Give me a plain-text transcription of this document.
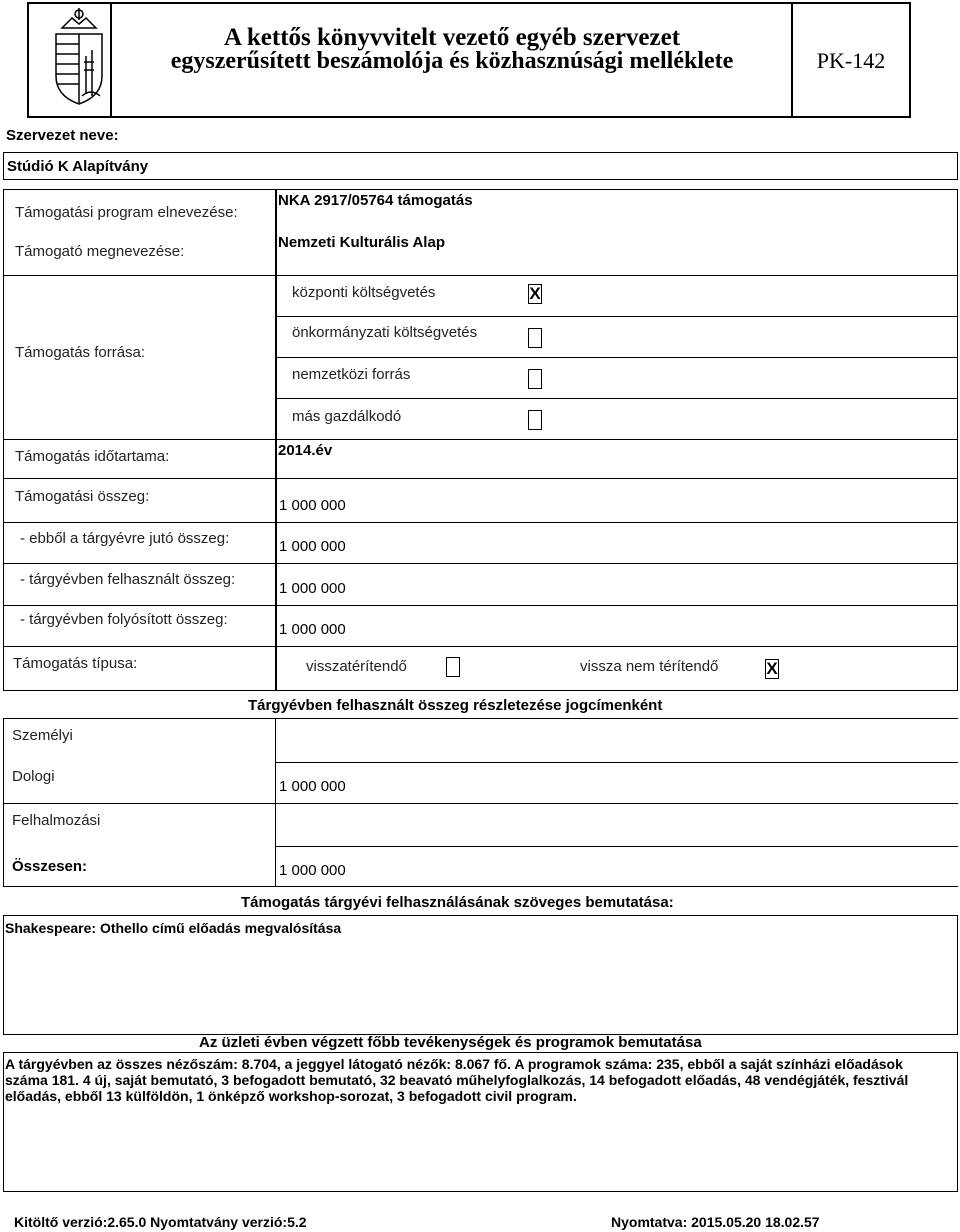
A kettős könyvvitelt vezető egyéb szervezet
egyszerűsített beszámolója és közhasznúsági melléklete	PK-142
Szervezet neve:
Stúdió K Alapítvány
Támogatási program elnevezése:
NKA 2917/05764 támogatás
Támogató megnevezése:
Nemzeti Kulturális Alap
Támogatás forrása:
központi költségvetés	X
önkormányzati költségvetés
nemzetközi forrás
más gazdálkodó
Támogatás időtartama:	2014.év
Támogatási összeg:
1 000 000
- ebből a tárgyévre jutó összeg:	1 000 000
- tárgyévben felhasznált összeg:
1 000 000
- tárgyévben folyósított összeg:
1 000 000
Támogatás típusa:	visszatérítendő	vissza nem térítendő	X
Tárgyévben felhasznált összeg részletezése jogcímenként
Személyi
Dologi
1 000 000
Felhalmozási
Összesen:	1 000 000
Támogatás tárgyévi felhasználásának szöveges bemutatása:
Shakespeare: Othello című előadás megvalósítása
Az üzleti évben végzett főbb tevékenységek és programok bemutatása
A tárgyévben az összes nézőszám: 8.704, a jeggyel látogató nézők: 8.067 fő. A programok száma: 235, ebből a saját színházi előadások száma 181. 4 új, saját bemutató, 3 befogadott bemutató, 32 beavató műhelyfoglalkozás, 14 befogadott előadás, 48 vendégjáték, fesztivál előadás, ebből 13 külföldön, 1 önképző workshop-sorozat, 3 befogadott civil program.
Kitöltő verzió:2.65.0 Nyomtatvány verzió:5.2	Nyomtatva: 2015.05.20 18.02.57
